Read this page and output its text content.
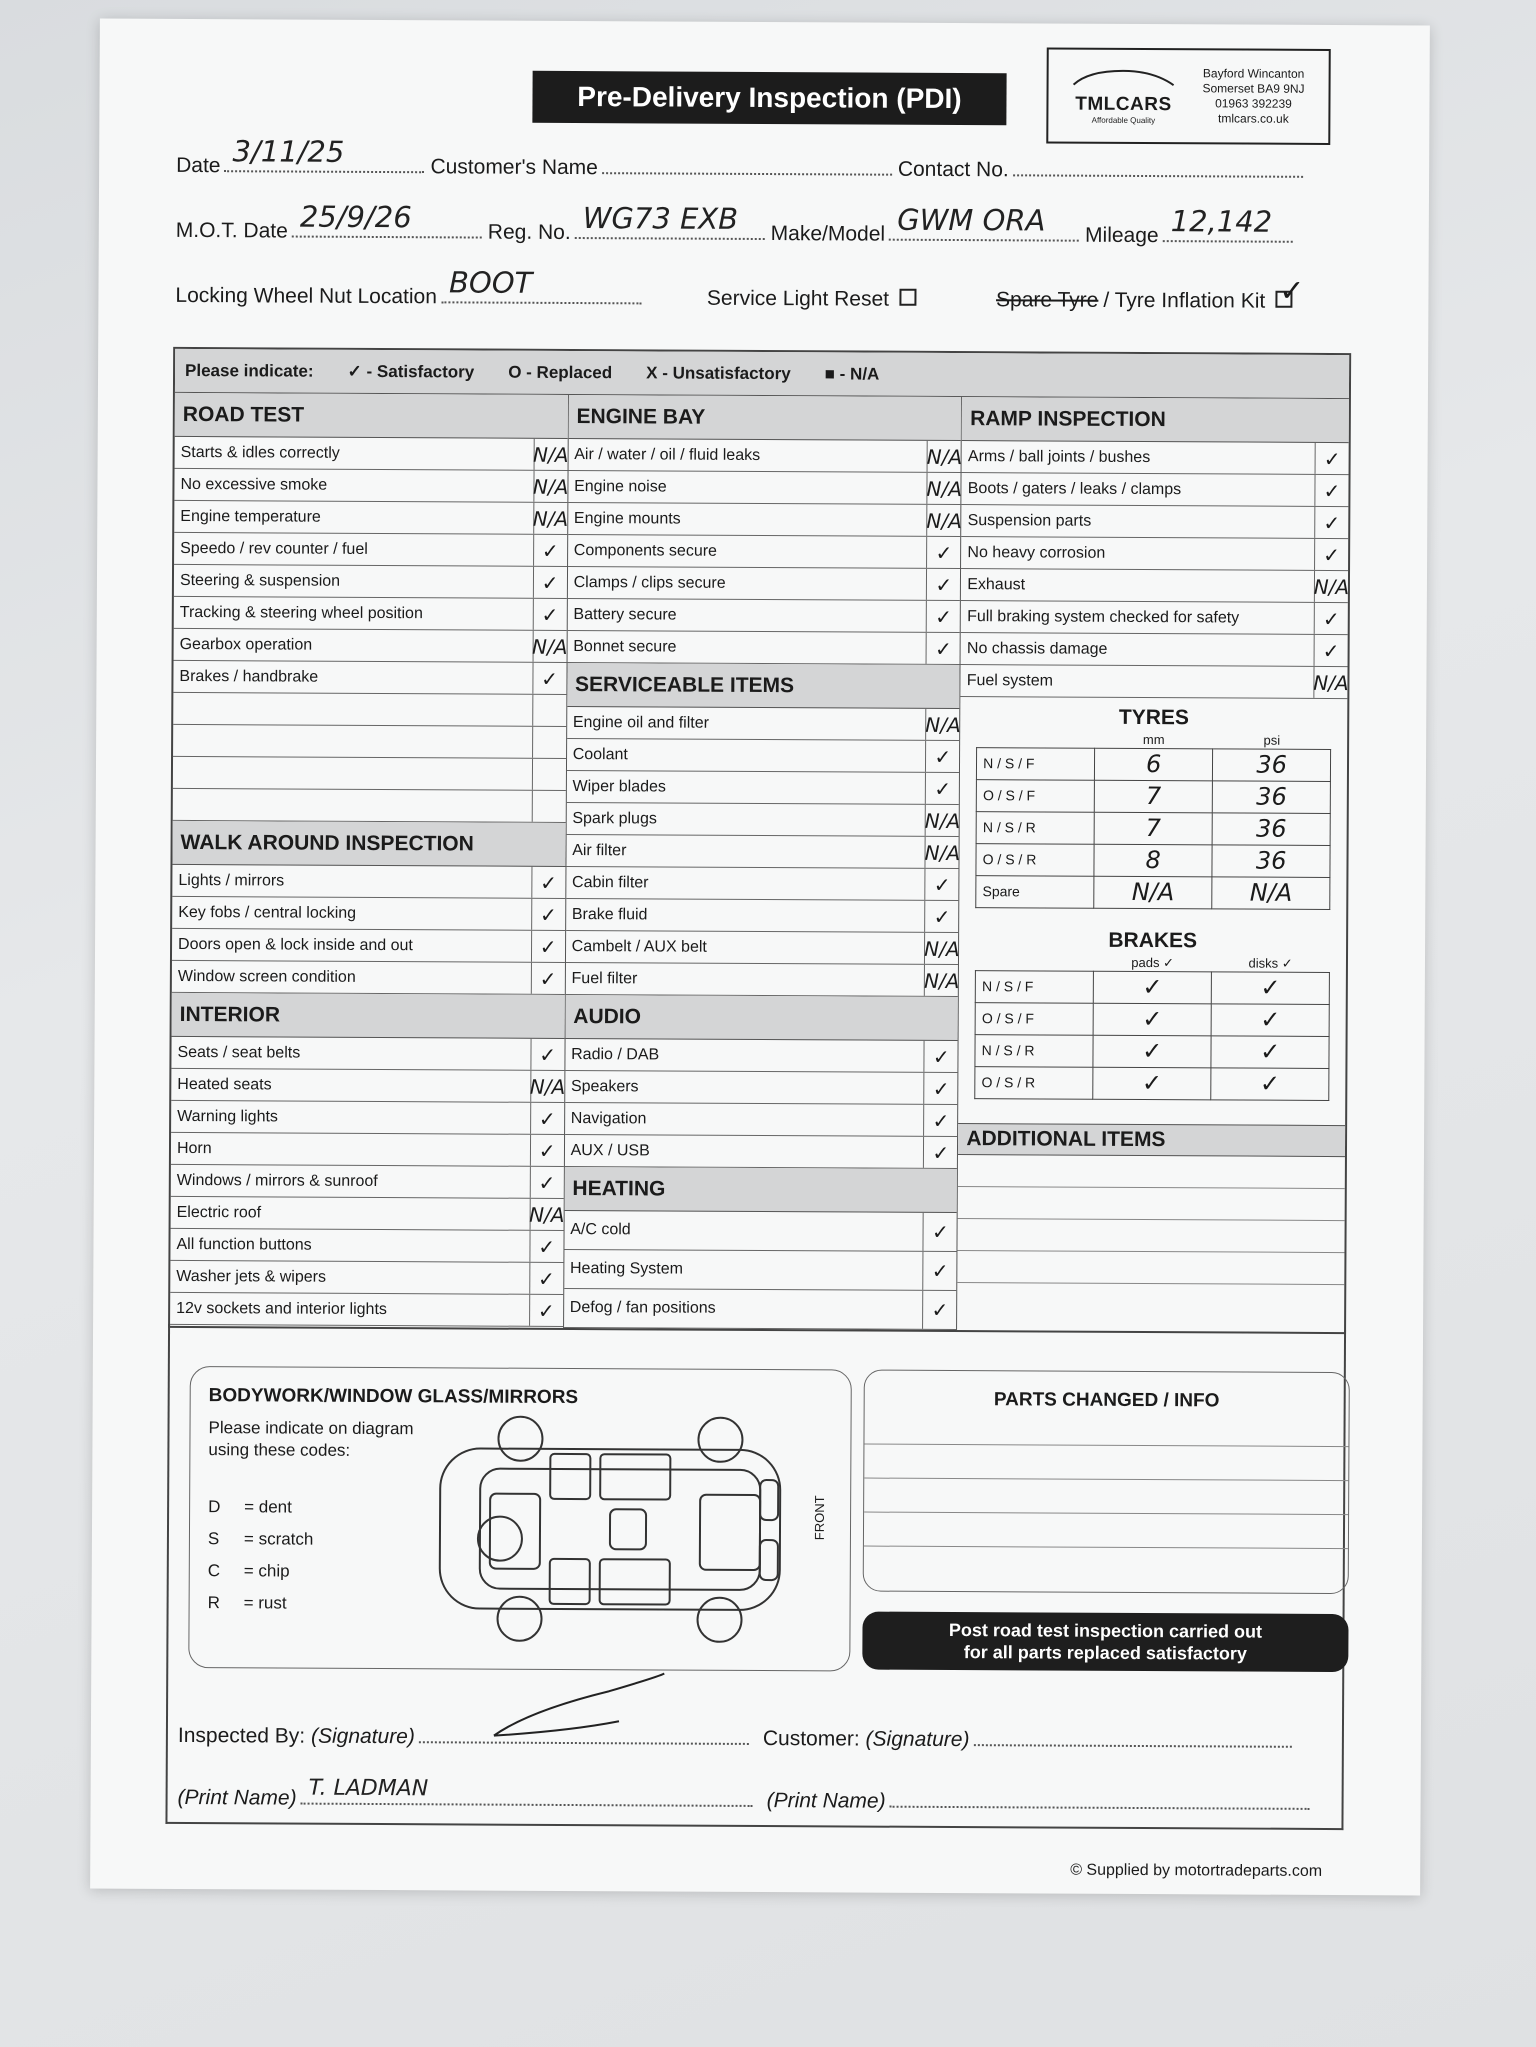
Pre-Delivery Inspection (PDI)	TMLCARS
Affordable Quality
Bayford Wincanton
Somerset BA9 9NJ
01963 392239
tmlcars.co.uk
Date 3/11/25	Customer's Name	Contact No.
M.O.T. Date 25/9/26	Reg. No. WG73 EXB Make/Model GWM ORA Mileage 12,142
Locking Wheel Nut Location BOOT	Service Light Reset	Spare Tyre / Tyre Inflation Kit ✓
Please indicate: ✓ - Satisfactory O - Replaced X - Unsatisfactory ■ - N/A
ROAD TEST
Starts & idles correctly	N/A
No excessive smoke	N/A
Engine temperature	N/A
Speedo / rev counter / fuel	✓
Steering & suspension	✓
Tracking & steering wheel position	✓
Gearbox operation	N/A
Brakes / handbrake	✓
WALK AROUND INSPECTION
Lights / mirrors	✓
Key fobs / central locking	✓
Doors open & lock inside and out	✓
Window screen condition	✓
INTERIOR
Seats / seat belts	✓
Heated seats	N/A
Warning lights	✓
Horn	✓
Windows / mirrors & sunroof	✓
Electric roof	N/A
All function buttons	✓
Washer jets & wipers	✓
12v sockets and interior lights	✓
ENGINE BAY
Air / water / oil / fluid leaks	N/A
Engine noise	N/A
Engine mounts	N/A
Components secure	✓
Clamps / clips secure	✓
Battery secure	✓
Bonnet secure	✓
SERVICEABLE ITEMS
Engine oil and filter	N/A
Coolant	✓
Wiper blades	✓
Spark plugs	N/A
Air filter	N/A
Cabin filter	✓
Brake fluid	✓
Cambelt / AUX belt	N/A
Fuel filter	N/A
AUDIO
Radio / DAB	✓
Speakers	✓
Navigation	✓
AUX / USB	✓
HEATING
A/C cold	✓
Heating System	✓
Defog / fan positions	✓
RAMP INSPECTION
Arms / ball joints / bushes	✓
Boots / gaters / leaks / clamps	✓
Suspension parts	✓
No heavy corrosion	✓
Exhaust	N/A
Full braking system checked for safety	✓
No chassis damage	✓
Fuel system	N/A
TYRES
	mm	psi
N / S / F	6	36
O / S / F	7	36
N / S / R	7	36
O / S / R	8	36
Spare	N/A	N/A
BRAKES
	pads ✓	disks ✓
N / S / F	✓	✓
O / S / F	✓	✓
N / S / R	✓	✓
O / S / R	✓	✓
ADDITIONAL ITEMS
BODYWORK/WINDOW GLASS/MIRRORS
Please indicate on diagram using these codes:
D = dent
S = scratch
C = chip
R = rust
FRONT
PARTS CHANGED / INFO
Post road test inspection carried out
for all parts replaced satisfactory
Inspected By:
(Signature)	Customer:
(Signature)
(Print Name) T. LADMAN	(Print Name)
© Supplied by motortradeparts.com
